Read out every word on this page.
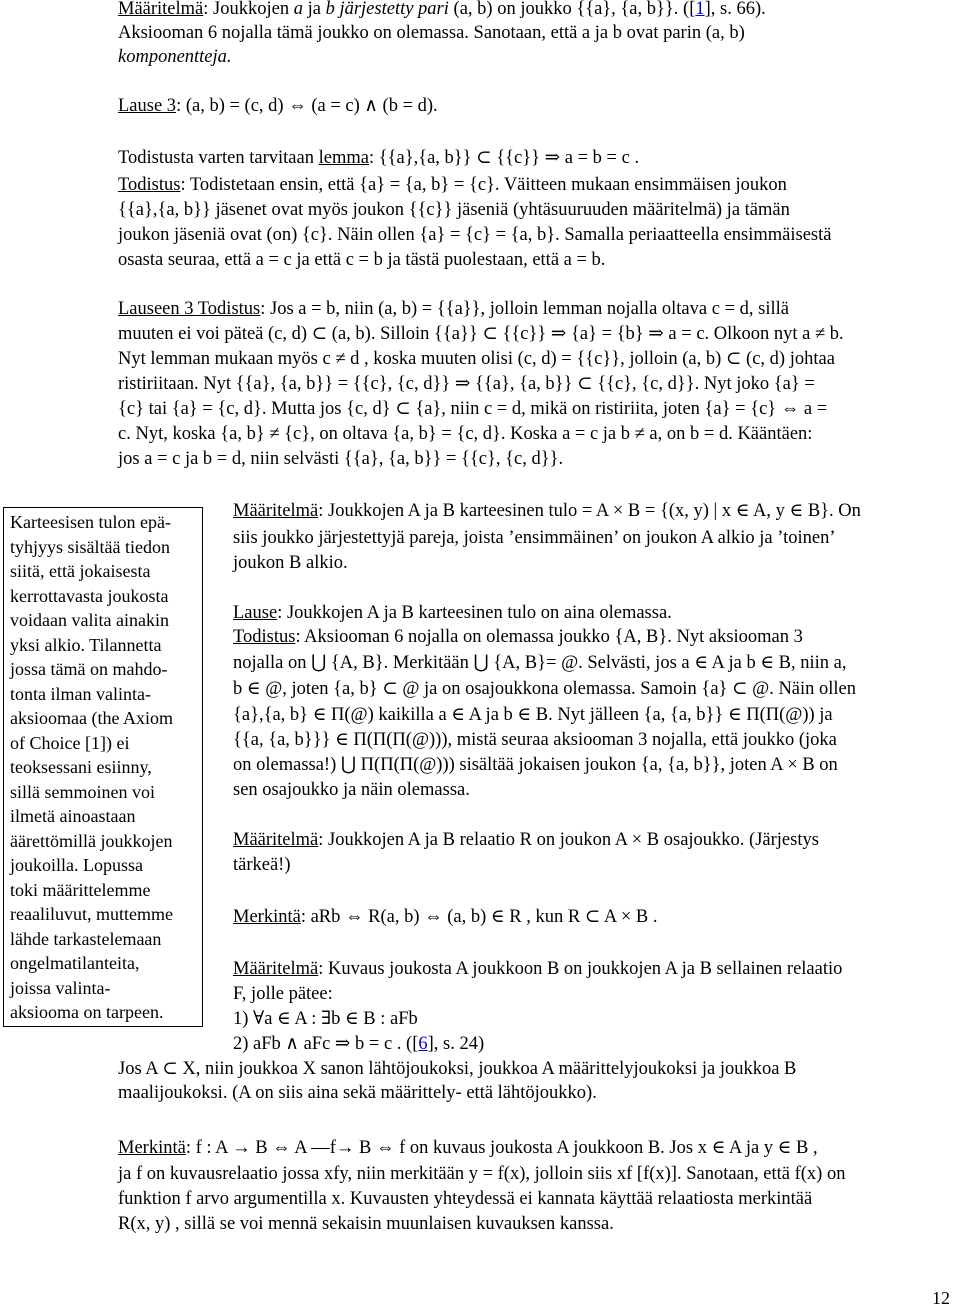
Määritelmä: Joukkojen a ja b järjestetty pari (a, b) on joukko {{a}, {a, b}}. ([1], s. 66).

Aksiooman 6 nojalla tämä joukko on olemassa. Sanotaan, että a ja b ovat parin (a, b)

komponentteja.

Lause 3: (a, b) = (c, d) ⇔ (a = c) ∧ (b = d).

Todistusta varten tarvitaan lemma: {{a},{a, b}} ⊂ {{c}} ⇒ a = b = c .

Todistus: Todistetaan ensin, että {a} = {a, b} = {c}. Väitteen mukaan ensimmäisen joukon

{{a},{a, b}} jäsenet ovat myös joukon {{c}} jäseniä (yhtäsuuruuden määritelmä) ja tämän

joukon jäseniä ovat (on) {c}. Näin ollen {a} = {c} = {a, b}. Samalla periaatteella ensimmäisestä

osasta seuraa, että a = c ja että c = b ja tästä puolestaan, että a = b.

Lauseen 3 Todistus: Jos a = b, niin (a, b) = {{a}}, jolloin lemman nojalla oltava c = d, sillä

muuten ei voi päteä (c, d) ⊂ (a, b). Silloin {{a}} ⊂ {{c}} ⇒ {a} = {b} ⇒ a = c. Olkoon nyt a ≠ b.

Nyt lemman mukaan myös c ≠ d , koska muuten olisi (c, d) = {{c}}, jolloin (a, b) ⊂ (c, d) johtaa

ristiriitaan. Nyt {{a}, {a, b}} = {{c}, {c, d}} ⇒ {{a}, {a, b}} ⊂ {{c}, {c, d}}. Nyt joko {a} =

{c} tai {a} = {c, d}. Mutta jos {c, d} ⊂ {a}, niin c = d, mikä on ristiriita, joten {a} = {c} ⇔ a =

c. Nyt, koska {a, b} ≠ {c}, on oltava {a, b} = {c, d}. Koska a = c ja b ≠ a, on b = d. Kääntäen:

jos a = c ja b = d, niin selvästi {{a}, {a, b}} = {{c}, {c, d}}.

Karteesisen tulon epä-
tyhjyys sisältää tiedon
siitä, että jokaisesta
kerrottavasta joukosta
voidaan valita ainakin
yksi alkio. Tilannetta
jossa tämä on mahdo-
tonta ilman valinta-
aksioomaa (the Axiom
of Choice [1]) ei
teoksessani esiinny,
sillä semmoinen voi
ilmetä ainoastaan
äärettömillä joukkojen
joukoilla. Lopussa
toki määrittelemme
reaaliluvut, muttemme
lähde tarkastelemaan
ongelmatilanteita,
joissa valinta-
aksiooma on tarpeen.

Määritelmä: Joukkojen A ja B karteesinen tulo = A × B = {(x, y) | x ∈ A, y ∈ B}. On

siis joukko järjestettyjä pareja, joista ’ensimmäinen’ on joukon A alkio ja ’toinen’

joukon B alkio.

Lause: Joukkojen A ja B karteesinen tulo on aina olemassa.

Todistus: Aksiooman 6 nojalla on olemassa joukko {A, B}. Nyt aksiooman 3

nojalla on ⋃ {A, B}. Merkitään ⋃ {A, B}= @. Selvästi, jos a ∈ A ja b ∈ B, niin a,

b ∈ @, joten {a, b} ⊂ @ ja on osajoukkona olemassa. Samoin {a} ⊂ @. Näin ollen

{a},{a, b} ∈ Π(@) kaikilla a ∈ A ja b ∈ B. Nyt jälleen {a, {a, b}} ∈ Π(Π(@)) ja

{{a, {a, b}}} ∈ Π(Π(Π(@))), mistä seuraa aksiooman 3 nojalla, että joukko (joka

on olemassa!) ⋃ Π(Π(Π(@))) sisältää jokaisen joukon {a, {a, b}}, joten A × B on

sen osajoukko ja näin olemassa.

Määritelmä: Joukkojen A ja B relaatio R on joukon A × B osajoukko. (Järjestys

tärkeä!)

Merkintä: aRb ⇔ R(a, b) ⇔ (a, b) ∈ R , kun R ⊂ A × B .

Määritelmä: Kuvaus joukosta A joukkoon B on joukkojen A ja B sellainen relaatio

F, jolle pätee:

1) ∀a ∈ A : ∃b ∈ B : aFb

2) aFb ∧ aFc ⇒ b = c . ([6], s. 24)

Jos A ⊂ X, niin joukkoa X sanon lähtöjoukoksi, joukkoa A määrittelyjoukoksi ja joukkoa B

maalijoukoksi. (A on siis aina sekä määrittely- että lähtöjoukko).

Merkintä: f : A → B ⇔ A —f→ B ⇔ f on kuvaus joukosta A joukkoon B. Jos x ∈ A ja y ∈ B ,

ja f on kuvausrelaatio jossa xfy, niin merkitään y = f(x), jolloin siis xf [f(x)]. Sanotaan, että f(x) on

funktion f arvo argumentilla x. Kuvausten yhteydessä ei kannata käyttää relaatiosta merkintää

R(x, y) , sillä se voi mennä sekaisin muunlaisen kuvauksen kanssa.

12
